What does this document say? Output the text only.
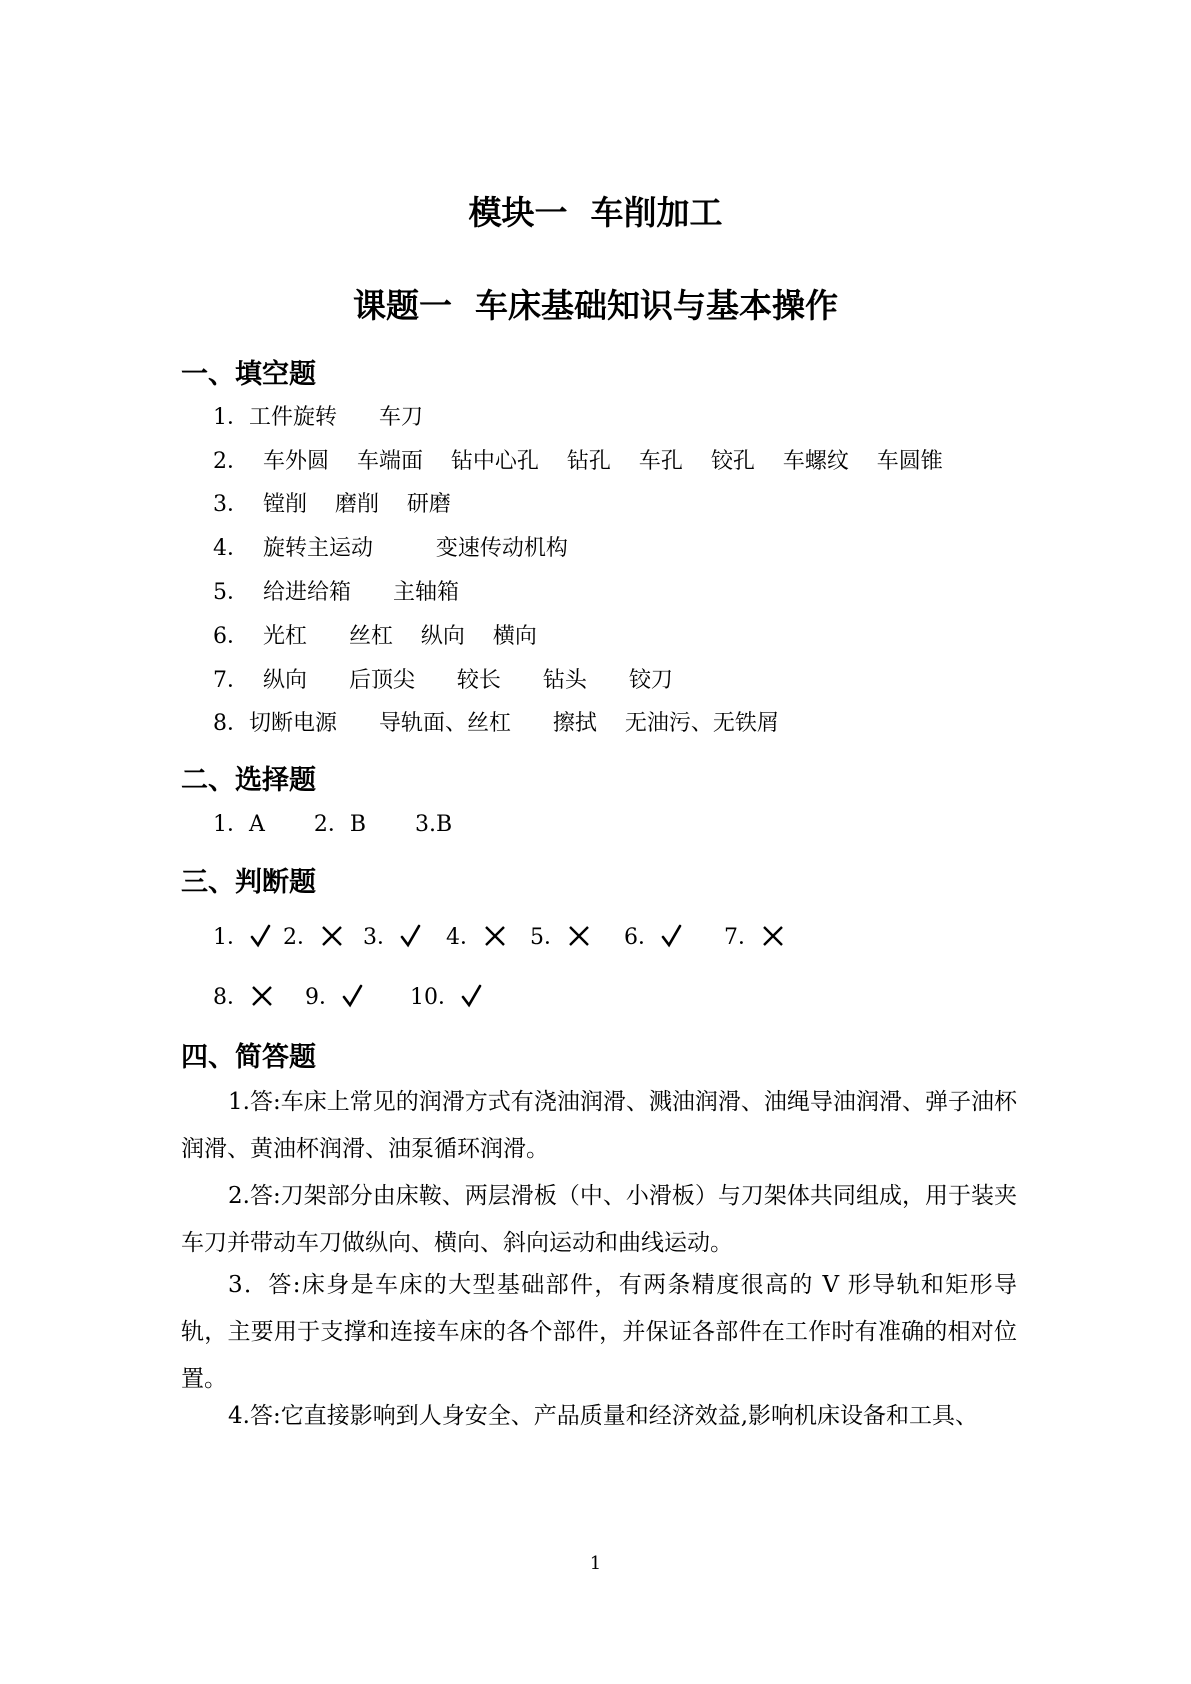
模块一  车削加工
课题一  车床基础知识与基本操作
一、填空题
1．工件旋转      车刀
2．  车外圆    车端面    钻中心孔    钻孔    车孔    铰孔    车螺纹    车圆锥
3．  镗削    磨削    研磨
4．  旋转主运动         变速传动机构
5．  给进给箱      主轴箱
6．  光杠      丝杠    纵向    横向
7．  纵向      后顶尖      较长      钻头      铰刀
8．切断电源      导轨面、丝杠      擦拭    无油污、无铁屑
二、选择题
1．A       2．B       3.B
三、判断题
1．	2．	3．	4．	5．	6．	7．
8．	9．	10．
四、简答题
1.答:车床上常见的润滑方式有浇油润滑、溅油润滑、油绳导油润滑、弹子油杯润滑、黄油杯润滑、油泵循环润滑。
2.答:刀架部分由床鞍、两层滑板（中、小滑板）与刀架体共同组成，用于装夹车刀并带动车刀做纵向、横向、斜向运动和曲线运动。
3．答:床身是车床的大型基础部件，有两条精度很高的 V 形导轨和矩形导轨，主要用于支撑和连接车床的各个部件，并保证各部件在工作时有准确的相对位置。
4.答:它直接影响到人身安全、产品质量和经济效益,影响机床设备和工具、
1
